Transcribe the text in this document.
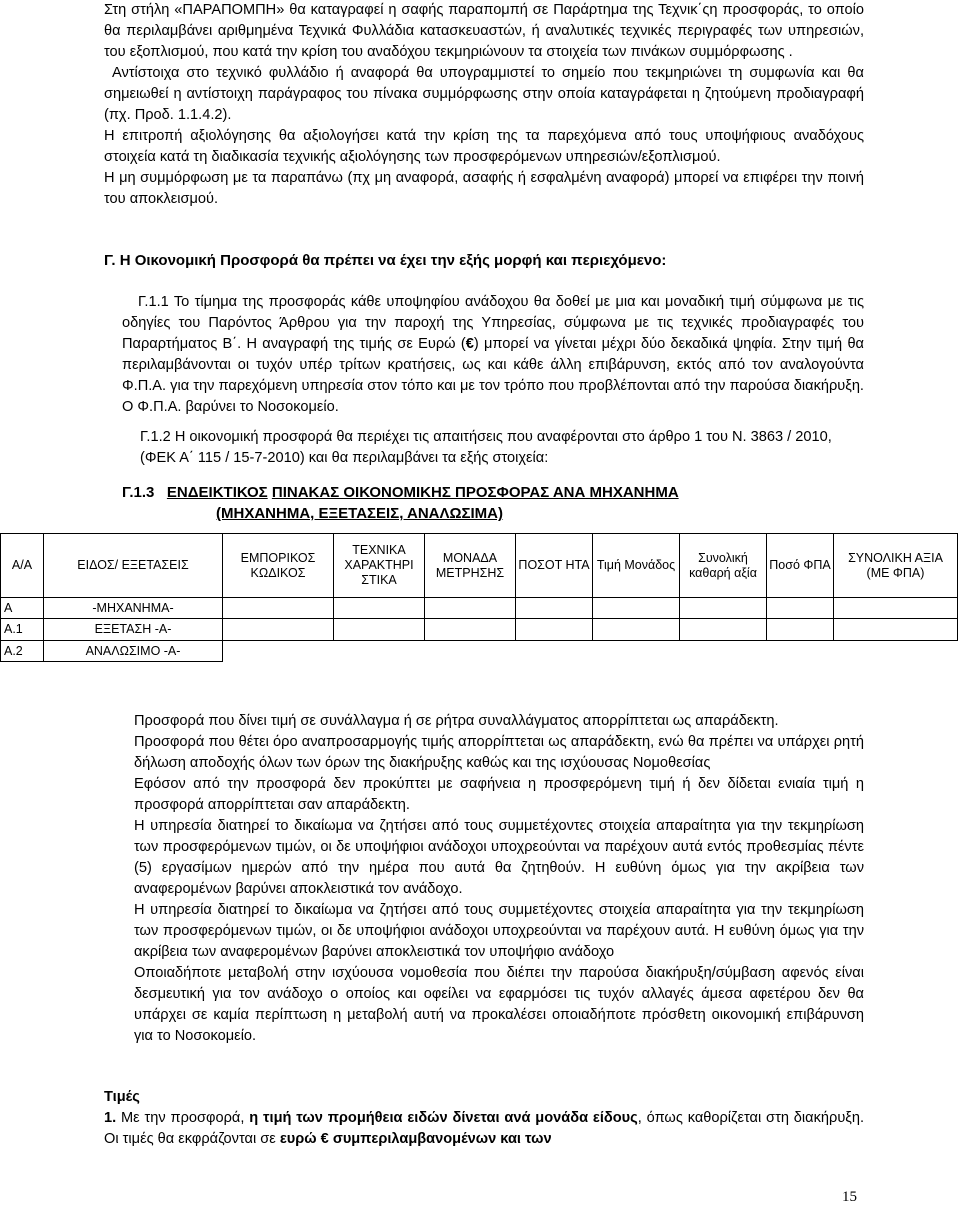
Στη στήλη «ΠΑΡΑΠΟΜΠΗ» θα καταγραφεί η σαφής παραπομπή σε Παράρτημα της Τεχνικ΄ςη προσφοράς, το οποίο θα περιλαμβάνει αριθμημένα Τεχνικά Φυλλάδια κατασκευαστών, ή αναλυτικές τεχνικές περιγραφές των υπηρεσιών, του εξοπλισμού, που κατά την κρίση του αναδόχου τεκμηριώνουν τα στοιχεία των πινάκων συμμόρφωσης .

Αντίστοιχα στο τεχνικό φυλλάδιο ή αναφορά θα υπογραμμιστεί το σημείο που τεκμηριώνει τη συμφωνία και θα σημειωθεί η αντίστοιχη παράγραφος του πίνακα συμμόρφωσης στην οποία καταγράφεται η ζητούμενη προδιαγραφή (πχ. Προδ. 1.1.4.2).

Η επιτροπή αξιολόγησης θα αξιολογήσει κατά την κρίση της τα παρεχόμενα από τους υποψήφιους αναδόχους στοιχεία κατά τη διαδικασία τεχνικής αξιολόγησης των προσφερόμενων υπηρεσιών/εξοπλισμού.

Η μη συμμόρφωση με τα παραπάνω (πχ μη αναφορά, ασαφής ή εσφαλμένη αναφορά) μπορεί να επιφέρει την ποινή του αποκλεισμού.

Γ. Η Οικονομική Προσφορά θα πρέπει να έχει την εξής μορφή και περιεχόμενο:
Γ.1.1 Το τίμημα της προσφοράς κάθε υποψηφίου ανάδοχου θα δοθεί με μια και μοναδική τιμή σύμφωνα με τις οδηγίες του Παρόντος Άρθρου για την παροχή της Υπηρεσίας, σύμφωνα με τις τεχνικές προδιαγραφές του Παραρτήματος Β΄. Η αναγραφή της τιμής σε Ευρώ (€) μπορεί να γίνεται μέχρι δύο δεκαδικά ψηφία. Στην τιμή θα περιλαμβάνονται οι τυχόν υπέρ τρίτων κρατήσεις, ως και κάθε άλλη επιβάρυνση, εκτός από τον αναλογούντα Φ.Π.Α. για την παρεχόμενη υπηρεσία στον τόπο και με τον τρόπο που προβλέπονται από την παρούσα διακήρυξη. Ο Φ.Π.Α. βαρύνει το Νοσοκομείο.
Γ.1.2 Η οικονομική προσφορά θα περιέχει τις απαιτήσεις που αναφέρονται στο άρθρο 1 του Ν. 3863 / 2010, (ΦΕΚ Α΄ 115 / 15-7-2010) και θα περιλαμβάνει τα εξής στοιχεία:
Γ.1.3 ΕΝΔΕΙΚΤΙΚΟΣ ΠΙΝΑΚΑΣ ΟΙΚΟΝΟΜΙΚΗΣ ΠΡΟΣΦΟΡΑΣ ΑΝΑ ΜΗΧΑΝΗΜΑ
(ΜΗΧΑΝΗΜΑ, ΕΞΕΤΑΣΕΙΣ, ΑΝΑΛΩΣΙΜΑ)
Α/Α	ΕΙΔΟΣ/ ΕΞΕΤΑΣΕΙΣ	ΕΜΠΟΡΙΚΟΣ ΚΩΔΙΚΟΣ	ΤΕΧΝΙΚΑ ΧΑΡΑΚΤΗΡΙ ΣΤΙΚΑ	ΜΟΝΑΔΑ ΜΕΤΡΗΣΗΣ	ΠΟΣΟΤ ΗΤΑ	Τιμή Μονάδος	Συνολική καθαρή αξία	Ποσό ΦΠΑ	ΣΥΝΟΛΙΚΗ ΑΞΙΑ (ΜΕ ΦΠΑ)
Α	-ΜΗΧΑΝΗΜΑ-								
Α.1	ΕΞΕΤΑΣΗ -Α-								
Α.2	ΑΝΑΛΩΣΙΜΟ -Α-								

Προσφορά που δίνει τιμή σε συνάλλαγμα ή σε ρήτρα συναλλάγματος απορρίπτεται ως απαράδεκτη.

Προσφορά που θέτει όρο αναπροσαρμογής τιμής απορρίπτεται ως απαράδεκτη, ενώ θα πρέπει να υπάρχει ρητή δήλωση αποδοχής όλων των όρων της διακήρυξης καθώς και της ισχύουσας Νομοθεσίας

Εφόσον από την προσφορά δεν προκύπτει με σαφήνεια η προσφερόμενη τιμή ή δεν δίδεται ενιαία τιμή η προσφορά απορρίπτεται σαν απαράδεκτη.

Η υπηρεσία διατηρεί το δικαίωμα να ζητήσει από τους συμμετέχοντες στοιχεία απαραίτητα για την τεκμηρίωση των προσφερόμενων τιμών, οι δε υποψήφιοι ανάδοχοι υποχρεούνται να παρέχουν αυτά εντός προθεσμίας πέντε (5) εργασίμων ημερών από την ημέρα που αυτά θα ζητηθούν. Η ευθύνη όμως για την ακρίβεια των αναφερομένων βαρύνει αποκλειστικά τον ανάδοχο.

Η υπηρεσία διατηρεί το δικαίωμα να ζητήσει από τους συμμετέχοντες στοιχεία απαραίτητα για την τεκμηρίωση των προσφερόμενων τιμών, οι δε υποψήφιοι ανάδοχοι υποχρεούνται να παρέχουν αυτά. Η ευθύνη όμως για την ακρίβεια των αναφερομένων βαρύνει αποκλειστικά τον υποψήφιο ανάδοχο

Οποιαδήποτε μεταβολή στην ισχύουσα νομοθεσία που διέπει την παρούσα διακήρυξη/σύμβαση αφενός είναι δεσμευτική για τον ανάδοχο ο οποίος και οφείλει να εφαρμόσει τις τυχόν αλλαγές άμεσα αφετέρου δεν θα υπάρχει σε καμία περίπτωση η μεταβολή αυτή να προκαλέσει οποιαδήποτε πρόσθετη οικονομική επιβάρυνση για το Νοσοκομείο.

Τιμές
1. Με την προσφορά, η τιμή των προμήθεια ειδών δίνεται ανά μονάδα είδους, όπως καθορίζεται στη διακήρυξη. Οι τιμές θα εκφράζονται σε ευρώ € συμπεριλαμβανομένων και των
15
